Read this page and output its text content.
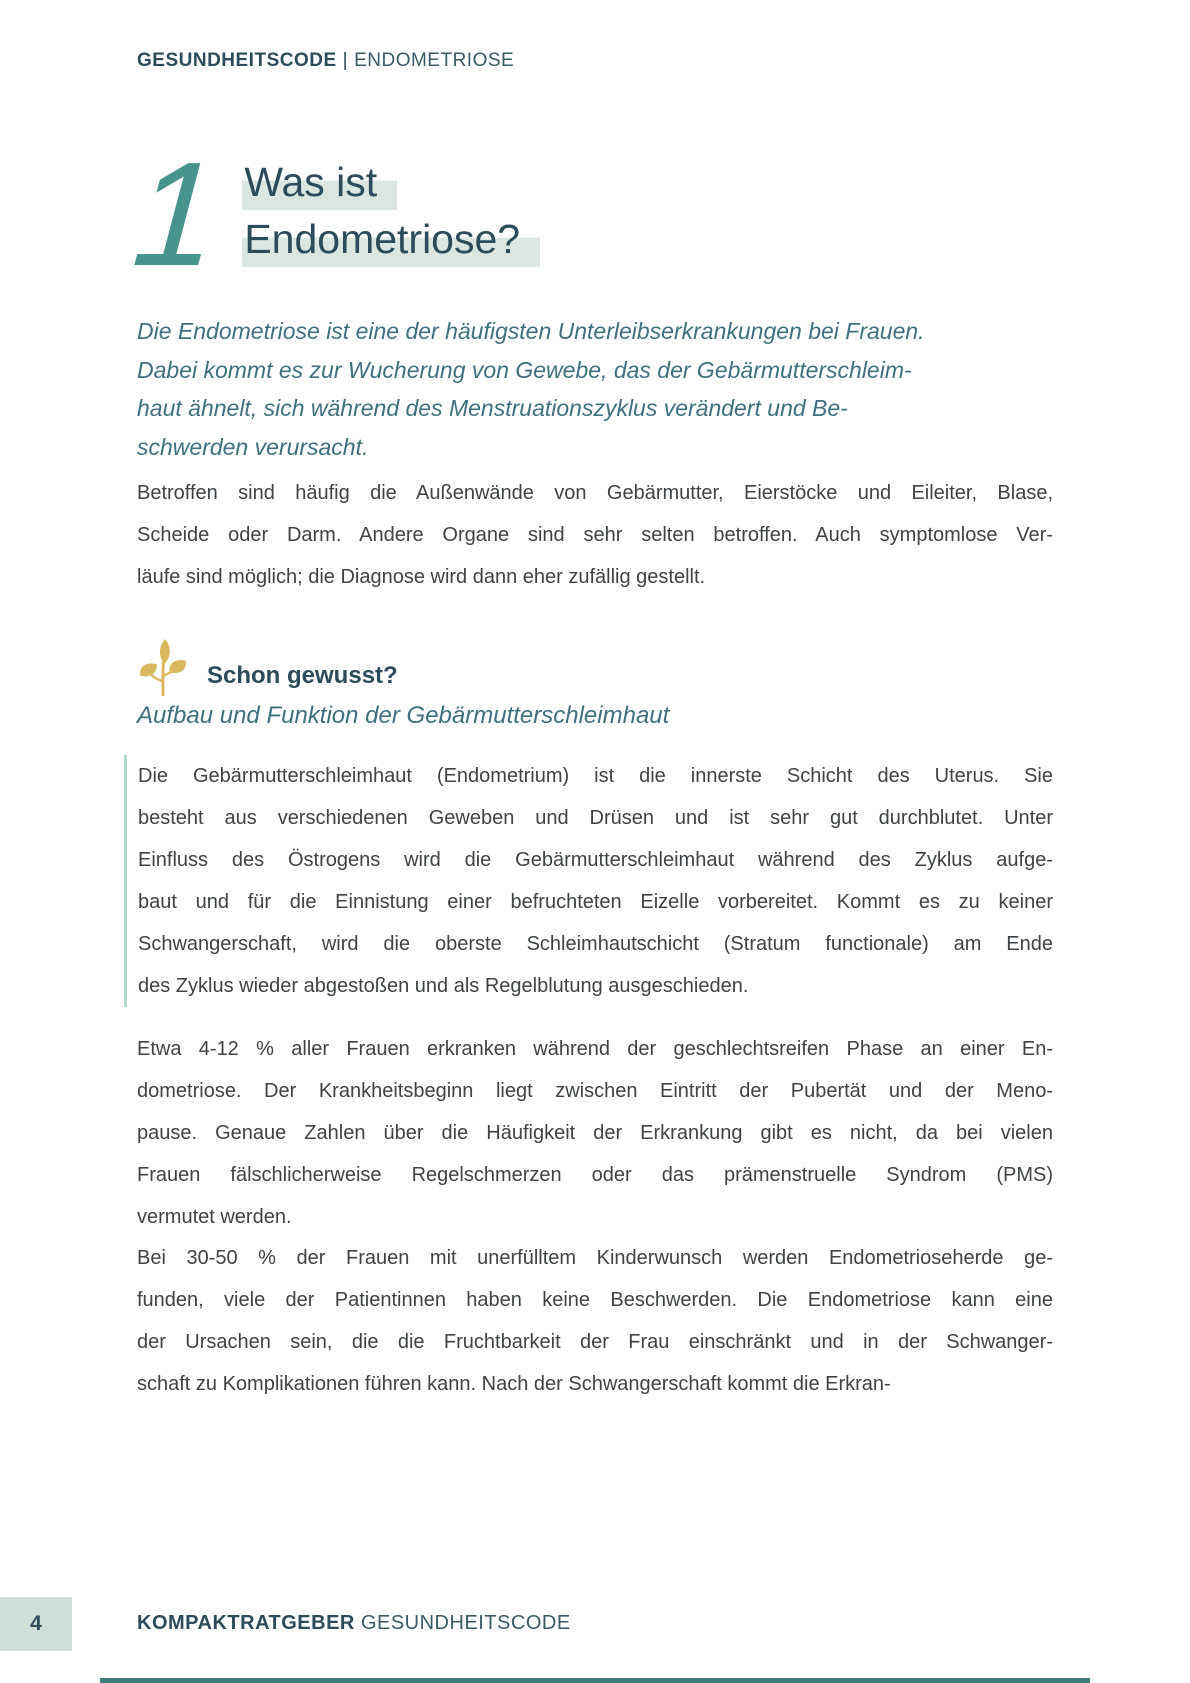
GESUNDHEITSCODE | ENDOMETRIOSE
1 Was ist
Endometriose?
Die Endometriose ist eine der häufigsten Unterleibserkrankungen bei Frauen.
Dabei kommt es zur Wucherung von Gewebe, das der Gebärmutterschleim-
haut ähnelt, sich während des Menstruationszyklus verändert und Be-
schwerden verursacht.
Betroffen sind häufig die Außenwände von Gebärmutter, Eierstöcke und Eileiter, Blase,
Scheide oder Darm. Andere Organe sind sehr selten betroffen. Auch symptomlose Ver-
läufe sind möglich; die Diagnose wird dann eher zufällig gestellt.
Schon gewusst?
Aufbau und Funktion der Gebärmutterschleimhaut
Die Gebärmutterschleimhaut (Endometrium) ist die innerste Schicht des Uterus. Sie
besteht aus verschiedenen Geweben und Drüsen und ist sehr gut durchblutet. Unter
Einfluss des Östrogens wird die Gebärmutterschleimhaut während des Zyklus aufge-
baut und für die Einnistung einer befruchteten Eizelle vorbereitet. Kommt es zu keiner
Schwangerschaft, wird die oberste Schleimhautschicht (Stratum functionale) am Ende
des Zyklus wieder abgestoßen und als Regelblutung ausgeschieden.
Etwa 4-12 % aller Frauen erkranken während der geschlechtsreifen Phase an einer En-
dometriose. Der Krankheitsbeginn liegt zwischen Eintritt der Pubertät und der Meno-
pause. Genaue Zahlen über die Häufigkeit der Erkrankung gibt es nicht, da bei vielen
Frauen fälschlicherweise Regelschmerzen oder das prämenstruelle Syndrom (PMS)
vermutet werden.
Bei 30-50 % der Frauen mit unerfülltem Kinderwunsch werden Endometrioseherde ge-
funden, viele der Patientinnen haben keine Beschwerden. Die Endometriose kann eine
der Ursachen sein, die die Fruchtbarkeit der Frau einschränkt und in der Schwanger-
schaft zu Komplikationen führen kann. Nach der Schwangerschaft kommt die Erkran-
4	KOMPAKTRATGEBER GESUNDHEITSCODE
